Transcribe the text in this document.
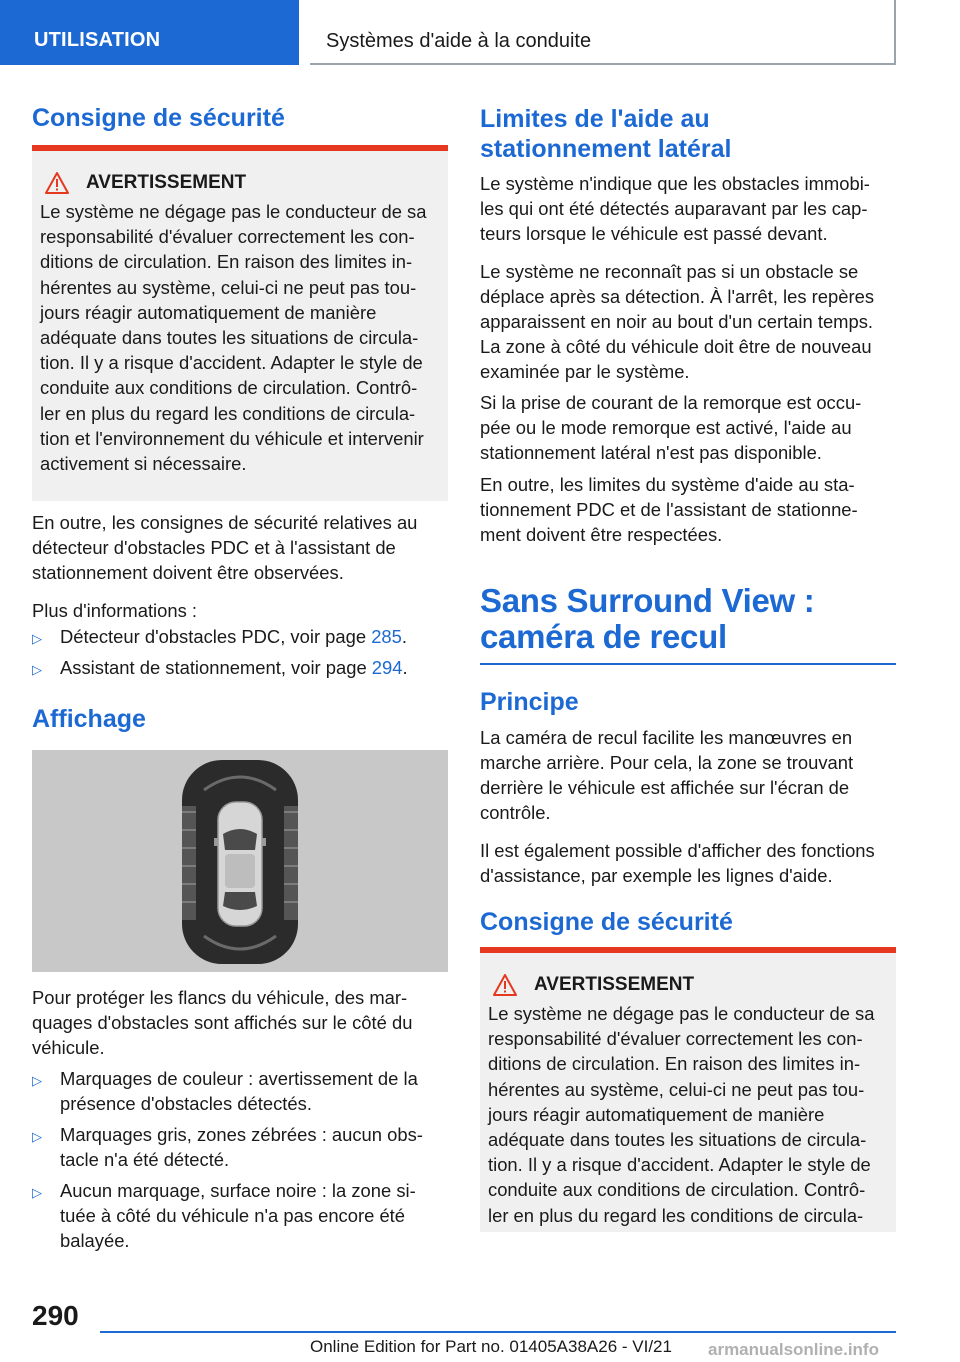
UTILISATION	Systèmes d'aide à la conduite
Consigne de sécurité
AVERTISSEMENT
Le système ne dégage pas le conducteur de sa
responsabilité d'évaluer correctement les con‐
ditions de circulation. En raison des limites in‐
hérentes au système, celui-ci ne peut pas tou‐
jours réagir automatiquement de manière
adéquate dans toutes les situations de circula‐
tion. Il y a risque d'accident. Adapter le style de
conduite aux conditions de circulation. Contrô‐
ler en plus du regard les conditions de circula‐
tion et l'environnement du véhicule et intervenir
activement si nécessaire.
En outre, les consignes de sécurité relatives au
détecteur d'obstacles PDC et à l'assistant de
stationnement doivent être observées.
Plus d'informations :
▷ Détecteur d'obstacles PDC, voir page 285.
▷ Assistant de stationnement, voir page 294.
Affichage
Pour protéger les flancs du véhicule, des mar‐
quages d'obstacles sont affichés sur le côté du
véhicule.
▷ Marquages de couleur : avertissement de la
présence d'obstacles détectés.
▷ Marquages gris, zones zébrées : aucun obs‐
tacle n'a été détecté.
▷ Aucun marquage, surface noire : la zone si‐
tuée à côté du véhicule n'a pas encore été
balayée.
Limites de l'aide au
stationnement latéral
Le système n'indique que les obstacles immobi‐
les qui ont été détectés auparavant par les cap‐
teurs lorsque le véhicule est passé devant.
Le système ne reconnaît pas si un obstacle se
déplace après sa détection. À l'arrêt, les repères
apparaissent en noir au bout d'un certain temps.
La zone à côté du véhicule doit être de nouveau
examinée par le système.
Si la prise de courant de la remorque est occu‐
pée ou le mode remorque est activé, l'aide au
stationnement latéral n'est pas disponible.
En outre, les limites du système d'aide au sta‐
tionnement PDC et de l'assistant de stationne‐
ment doivent être respectées.
Sans Surround View :
caméra de recul
Principe
La caméra de recul facilite les manœuvres en
marche arrière. Pour cela, la zone se trouvant
derrière le véhicule est affichée sur l'écran de
contrôle.
Il est également possible d'afficher des fonctions
d'assistance, par exemple les lignes d'aide.
Consigne de sécurité
AVERTISSEMENT
Le système ne dégage pas le conducteur de sa
responsabilité d'évaluer correctement les con‐
ditions de circulation. En raison des limites in‐
hérentes au système, celui-ci ne peut pas tou‐
jours réagir automatiquement de manière
adéquate dans toutes les situations de circula‐
tion. Il y a risque d'accident. Adapter le style de
conduite aux conditions de circulation. Contrô‐
ler en plus du regard les conditions de circula‐
290
Online Edition for Part no. 01405A38A26 - VI/21 armanualsonline.info
